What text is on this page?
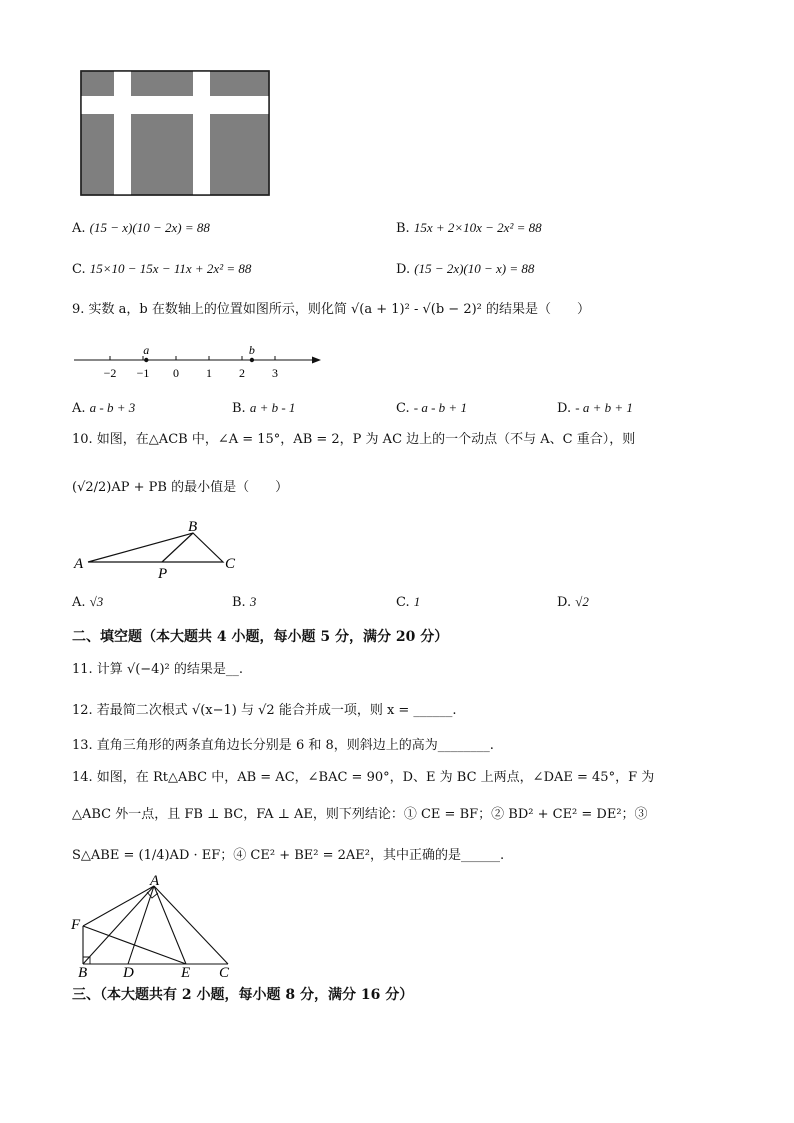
A. (15 − x)(10 − 2x) = 88	B. 15x + 2×10x − 2x² = 88
C. 15×10 − 15x − 11x + 2x² = 88	D. (15 − 2x)(10 − x) = 88
9. 实数 a，b 在数轴上的位置如图所示，则化简 √(a + 1)² - √(b − 2)² 的结果是（　　）
−2 −1 0 1 2 3
a	b
A. a - b + 3	B. a + b - 1	C. - a - b + 1	D. - a + b + 1
10. 如图，在△ACB 中，∠A = 15°，AB = 2，P 为 AC 边上的一个动点（不与 A、C 重合），则
(√2/2)AP + PB 的最小值是（　　）
A
B
C
P
A. √3	B. 3	C. 1	D. √2
二、填空题（本大题共 4 小题，每小题 5 分，满分 20 分）
11. 计算 √(−4)² 的结果是__.
12. 若最简二次根式 √(x−1) 与 √2 能合并成一项，则 x = ______.
13. 直角三角形的两条直角边长分别是 6 和 8，则斜边上的高为________.
14. 如图，在 Rt△ABC 中，AB = AC，∠BAC = 90°，D、E 为 BC 上两点，∠DAE = 45°，F 为
△ABC 外一点，且 FB ⊥ BC，FA ⊥ AE，则下列结论：① CE = BF；② BD² + CE² = DE²；③
S△ABE = (1/4)AD · EF；④ CE² + BE² = 2AE²，其中正确的是______.
A
F
B D	E C
三、（本大题共有 2 小题，每小题 8 分，满分 16 分）
